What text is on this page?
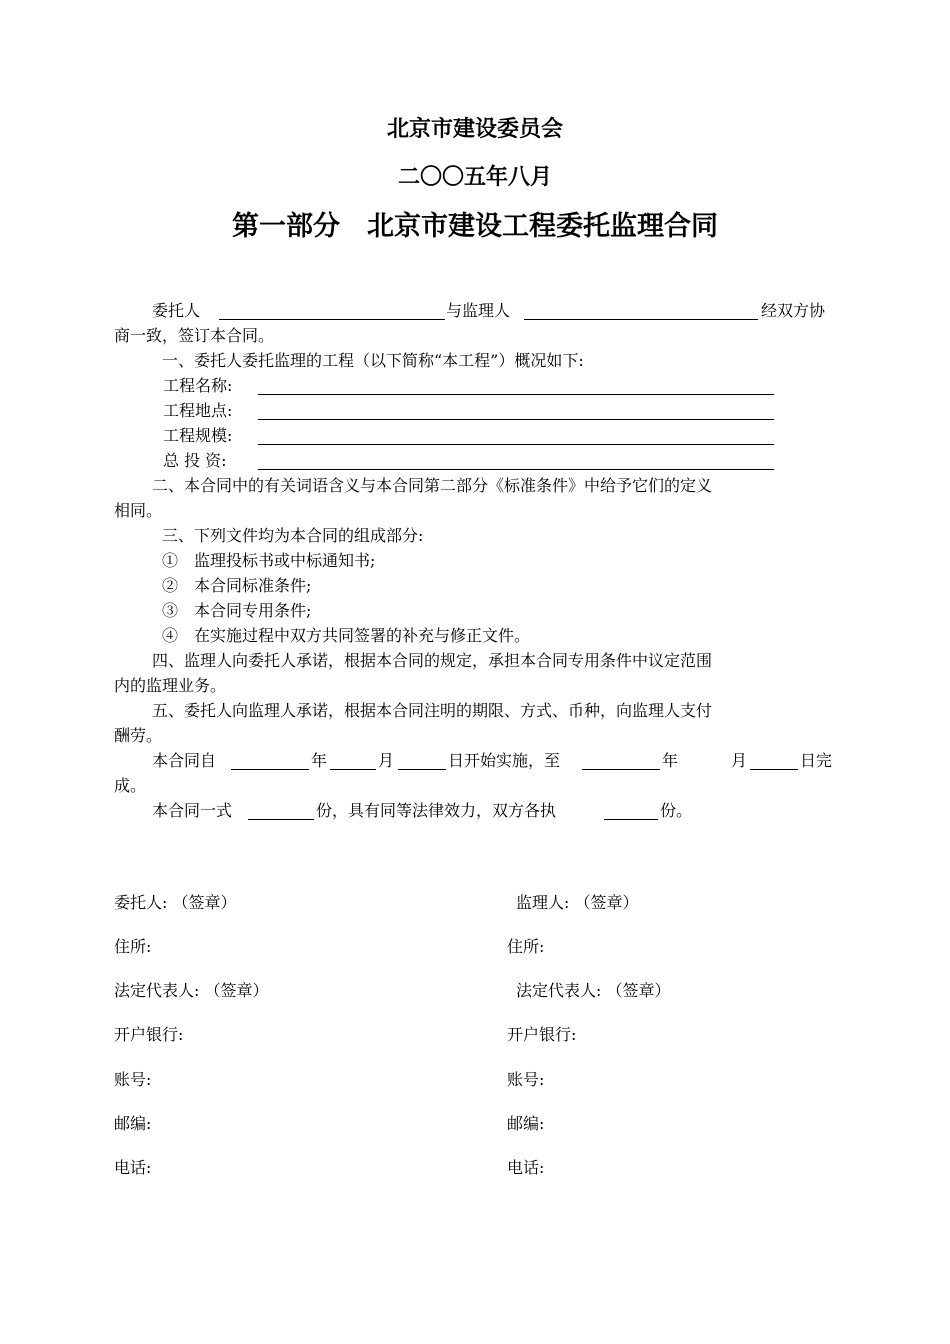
北京市建设委员会
二〇〇五年八月
第一部分　北京市建设工程委托监理合同
委托人	与监理人	经双方协
商一致，签订本合同。
一、委托人委托监理的工程（以下简称“本工程”）概况如下:
工程名称:
工程地点:
工程规模:
总 投 资:
二、本合同中的有关词语含义与本合同第二部分《标准条件》中给予它们的定义
相同。
三、下列文件均为本合同的组成部分:
①　监理投标书或中标通知书;
②　本合同标准条件;
③　本合同专用条件;
④　在实施过程中双方共同签署的补充与修正文件。
四、监理人向委托人承诺，根据本合同的规定，承担本合同专用条件中议定范围
内的监理业务。
五、委托人向监理人承诺，根据本合同注明的期限、方式、币种，向监理人支付
酬劳。
本合同自	年	月	日开始实施，至	年	月	日完
成。
本合同一式	份，具有同等法律效力，双方各执	份。
委托人: （签章）
住所:
法定代表人: （签章）
开户银行:
账号:
邮编:
电话:
监理人: （签章）
住所:
法定代表人: （签章）
开户银行:
账号:
邮编:
电话:
